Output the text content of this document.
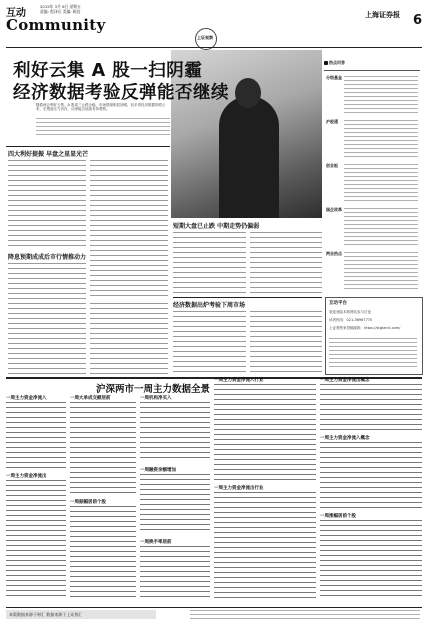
互动
Community
2015年 3月 6日 星期五
责编: 程泽岳 美编: 顾良	上海证券报 6
上证观察
利好云集 A 股一扫阴霾
经济数据考验反弹能否继续
随着两会利好云集，A 股周三止跌企稳，市场情绪明显回暖。但多项经济数据即将公布，宏观面压力仍存，反弹能否延续有待观察。
热点问答
分级基金
沪股通
创业板
国企改革
两会热点
四大利好提振 早盘之星显光芒
降息预期成成后市行情推动力
短期大盘已止跌 中期走势仍偏弱
经济数据出炉考验下周市场	互动平台
欢迎登陆本报网站参与讨论
读者热线：021-38967770
上证观察家投稿邮箱：https://stgtzrck.com/
沪深两市一周主力数据全景
一周主力资金净流入
一周主力资金净流出
一周大单成交额居前
一周振幅居前个股
一周机构净买入
一周融资余额增加
一周换手率居前
一周主力资金净流入行业
一周主力资金净流出行业
一周主力资金净流出概念
一周主力资金净流入概念
一周涨幅居前个股
本版数据来源于财汇 数据来源于上证智汇
